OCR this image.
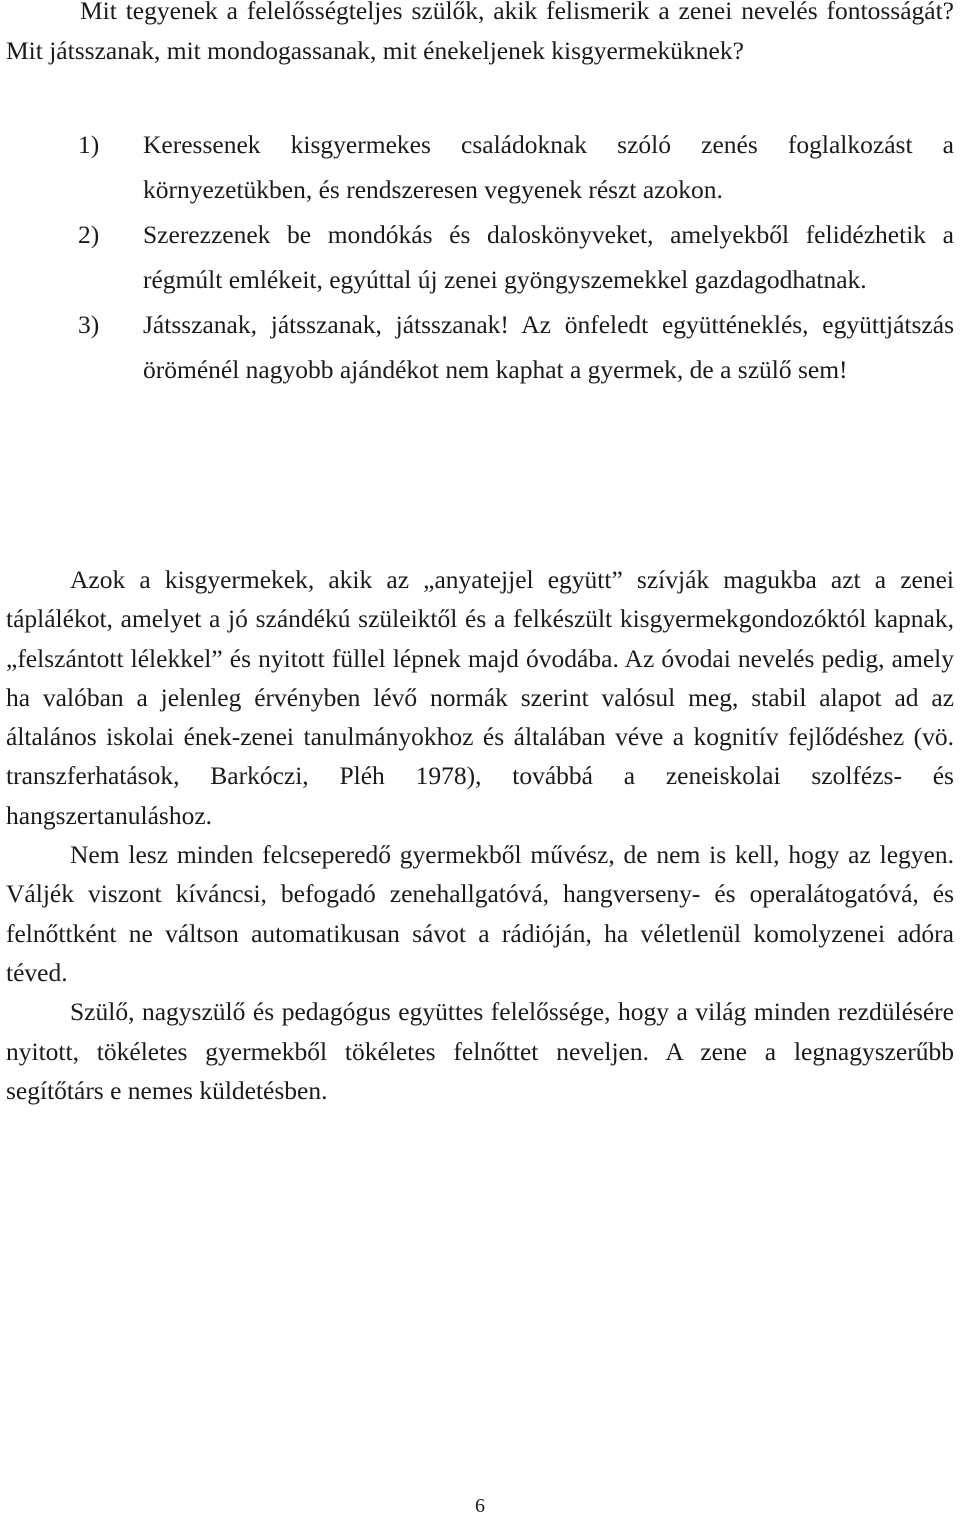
Mit tegyenek a felelősségteljes szülők, akik felismerik a zenei nevelés fontosságát? Mit játsszanak, mit mondogassanak, mit énekeljenek kisgyermeküknek?

1) Keressenek kisgyermekes családoknak szóló zenés foglalkozást a környezetükben, és rendszeresen vegyenek részt azokon.
2) Szerezzenek be mondókás és daloskönyveket, amelyekből felidézhetik a régmúlt emlékeit, egyúttal új zenei gyöngyszemekkel gazdagodhatnak.
3) Játsszanak, játsszanak, játsszanak! Az önfeledt együtténeklés, együttjátszás öröménél nagyobb ajándékot nem kaphat a gyermek, de a szülő sem!

Azok a kisgyermekek, akik az „anyatejjel együtt” szívják magukba azt a zenei táplálékot, amelyet a jó szándékú szüleiktől és a felkészült kisgyermekgondozóktól kapnak, „felszántott lélekkel” és nyitott füllel lépnek majd óvodába. Az óvodai nevelés pedig, amely ha valóban a jelenleg érvényben lévő normák szerint valósul meg, stabil alapot ad az általános iskolai ének-zenei tanulmányokhoz és általában véve a kognitív fejlődéshez (vö. transzferhatások, Barkóczi, Pléh 1978), továbbá a zeneiskolai szolfézs- és hangszertanuláshoz.

Nem lesz minden felcseperedő gyermekből művész, de nem is kell, hogy az legyen. Váljék viszont kíváncsi, befogadó zenehallgatóvá, hangverseny- és operalátogatóvá, és felnőttként ne váltson automatikusan sávot a rádióján, ha véletlenül komolyzenei adóra téved.

Szülő, nagyszülő és pedagógus együttes felelőssége, hogy a világ minden rezdülésére nyitott, tökéletes gyermekből tökéletes felnőttet neveljen. A zene a legnagyszerűbb segítőtárs e nemes küldetésben.

6
